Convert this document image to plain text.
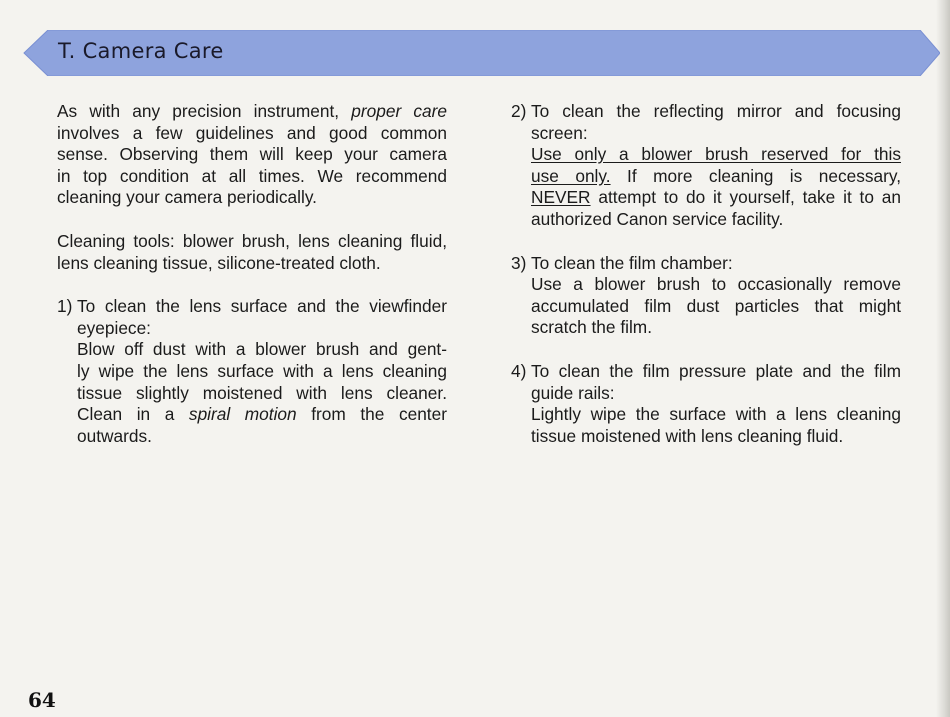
T. Camera Care

As with any precision instrument, proper care

involves a few guidelines and good common

sense. Observing them will keep your camera

in top condition at all times. We recommend

cleaning your camera periodically.

Cleaning tools: blower brush, lens cleaning fluid,

lens cleaning tissue, silicone-treated cloth.

1) To clean the lens surface and the viewfinder

eyepiece:

Blow off dust with a blower brush and gent-

ly wipe the lens surface with a lens cleaning

tissue slightly moistened with lens cleaner.

Clean in a spiral motion from the center

outwards.

2) To clean the reflecting mirror and focusing

screen:

Use only a blower brush reserved for this

use only. If more cleaning is necessary,

NEVER attempt to do it yourself, take it to an

authorized Canon service facility.

3) To clean the film chamber:

Use a blower brush to occasionally remove

accumulated film dust particles that might

scratch the film.

4) To clean the film pressure plate and the film

guide rails:

Lightly wipe the surface with a lens cleaning

tissue moistened with lens cleaning fluid.

64
